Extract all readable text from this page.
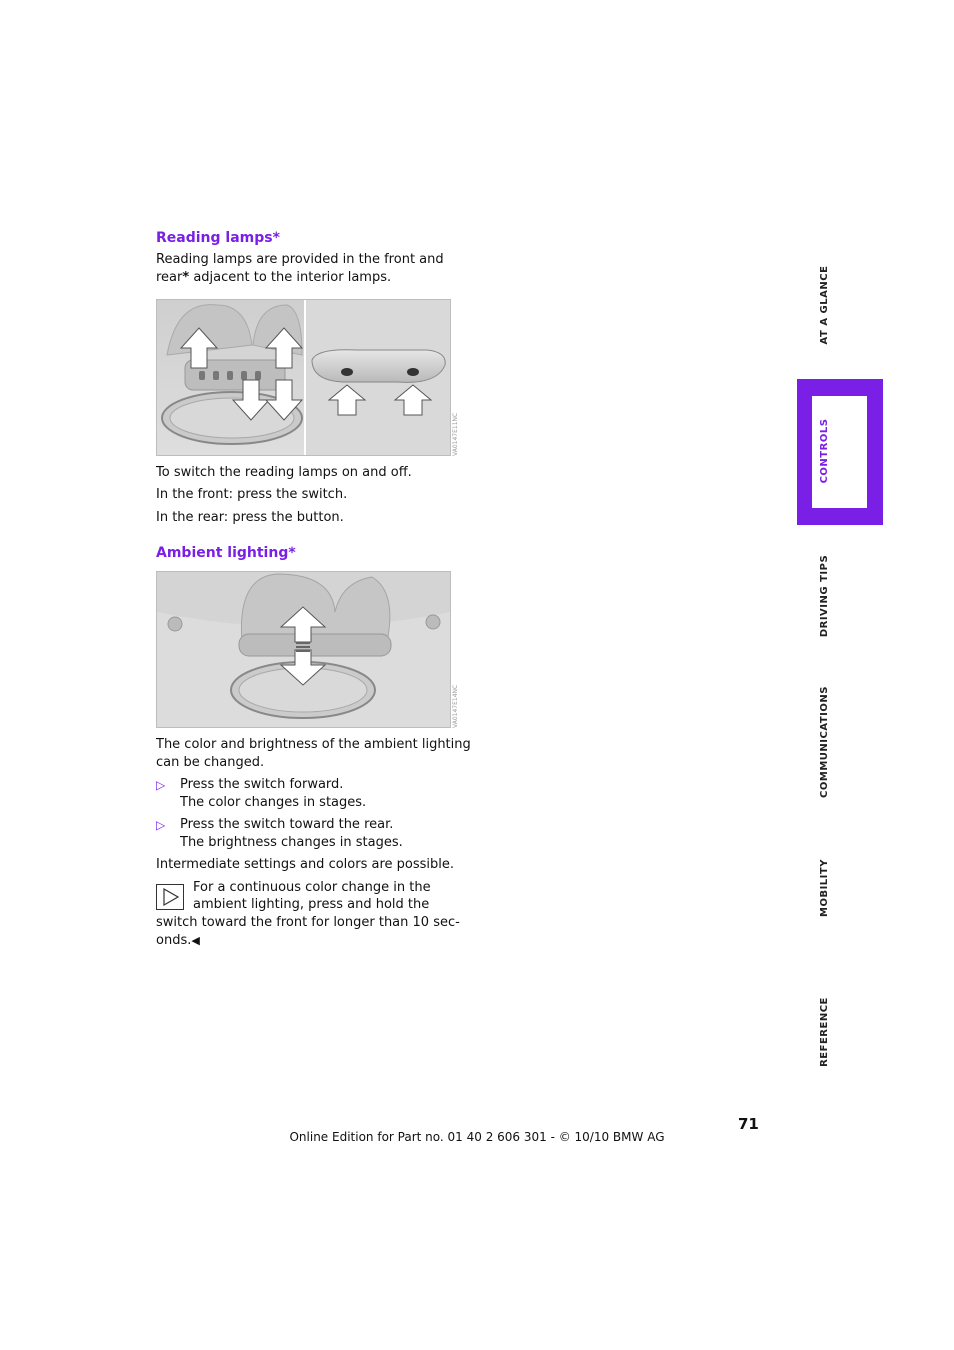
Reading lamps*
Reading lamps are provided in the front and
rear* adjacent to the interior lamps.
VA0147E11NC
To switch the reading lamps on and off.
In the front: press the switch.
In the rear: press the button.
Ambient lighting*
VA0147E14NC
The color and brightness of the ambient lighting
can be changed.
▷ Press the switch forward.
The color changes in stages.
▷ Press the switch toward the rear.
The brightness changes in stages.
Intermediate settings and colors are possible.
For a continuous color change in the
ambient lighting, press and hold the
switch toward the front for longer than 10 sec-
onds.◀
AT A GLANCE
CONTROLS
DRIVING TIPS
COMMUNICATIONS
MOBILITY
REFERENCE
71
Online Edition for Part no. 01 40 2 606 301 - © 10/10 BMW AG
